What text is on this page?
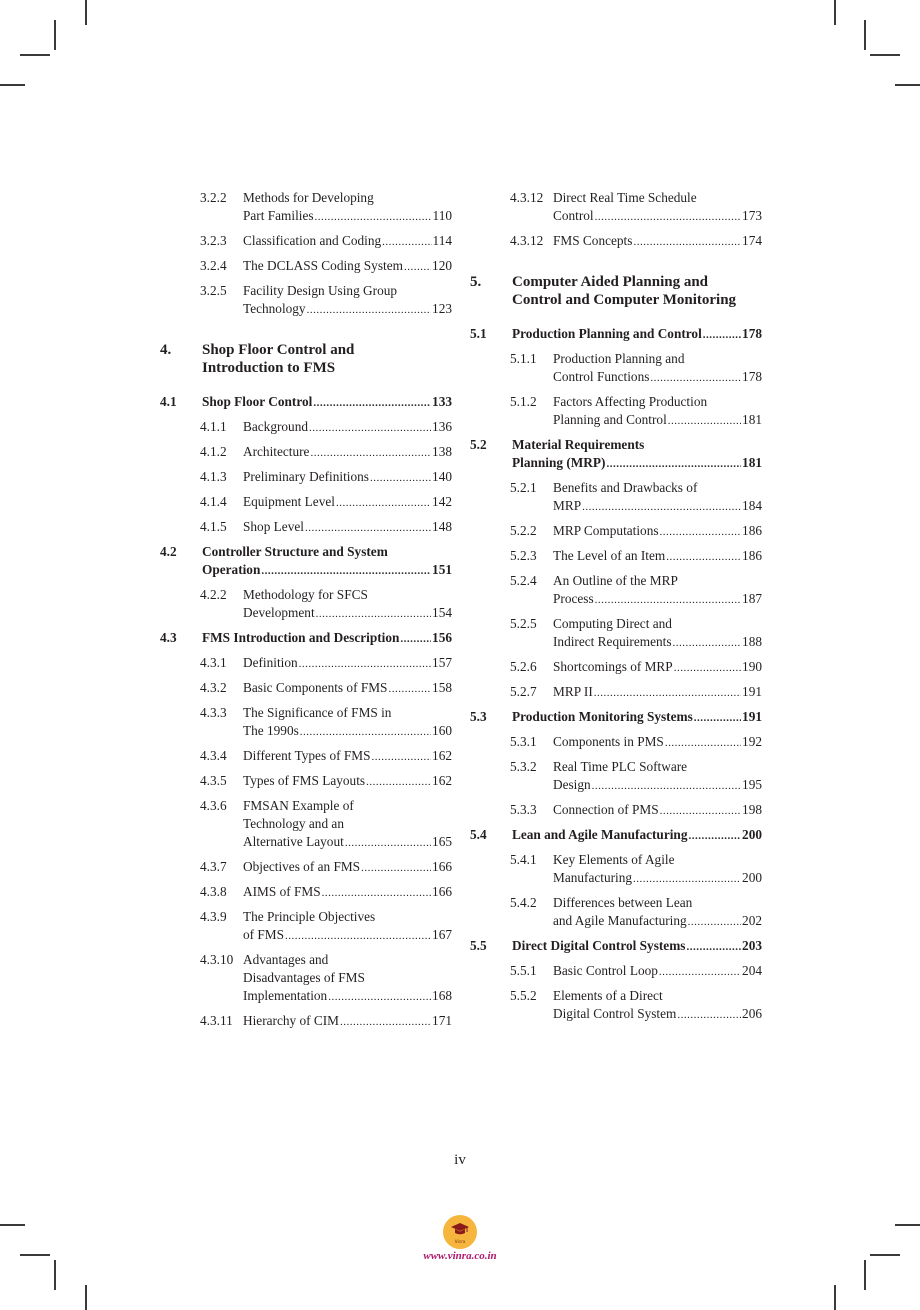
3.2.2 Methods for Developing
Part Families .....	110
3.2.3 Classification and Coding .....	114
3.2.4 The DCLASS Coding System ..... 120
3.2.5 Facility Design Using Group
Technology .....	123
4. Shop Floor Control and
Introduction to FMS
4.1 Shop Floor Control .....	133
4.1.1 Background .....	136
4.1.2 Architecture .....	138
4.1.3 Preliminary Definitions .....	140
4.1.4 Equipment Level .....	142
4.1.5 Shop Level .....	148
4.2 Controller Structure and System
Operation .....	151
4.2.2 Methodology for SFCS
Development .....	154
4.3 FMS Introduction and Description ..... 156
4.3.1 Definition .....	157
4.3.2 Basic Components of FMS .....	158
4.3.3 The Significance of FMS in
The 1990s .....	160
4.3.4 Different Types of FMS .....	162
4.3.5 Types of FMS Layouts .....	162
4.3.6 FMSAN Example of
Technology and an
Alternative Layout .....	165
4.3.7 Objectives of an FMS .....	166
4.3.8 AIMS of FMS .....	166
4.3.9 The Principle Objectives
of FMS .....	167
4.3.10 Advantages and
Disadvantages of FMS
Implementation .....	168
4.3.11 Hierarchy of CIM .....	171
4.3.12 Direct Real Time Schedule
Control .....	173
4.3.12 FMS Concepts .....	174
5. Computer Aided Planning and
Control and Computer Monitoring
5.1 Production Planning and Control .....	178
5.1.1 Production Planning and
Control Functions .....	178
5.1.2 Factors Affecting Production
Planning and Control .....	181
5.2 Material Requirements
Planning (MRP) .....	181
5.2.1 Benefits and Drawbacks of
MRP .....	184
5.2.2 MRP Computations .....	186
5.2.3 The Level of an Item .....	186
5.2.4 An Outline of the MRP
Process .....	187
5.2.5 Computing Direct and
Indirect Requirements .....	188
5.2.6 Shortcomings of MRP .....	190
5.2.7 MRP II .....	191
5.3 Production Monitoring Systems .....	191
5.3.1 Components in PMS .....	192
5.3.2 Real Time PLC Software
Design .....	195
5.3.3 Connection of PMS .....	198
5.4 Lean and Agile Manufacturing .....	200
5.4.1 Key Elements of Agile
Manufacturing .....	200
5.4.2 Differences between Lean
and Agile Manufacturing .....	202
5.5 Direct Digital Control Systems .....	203
5.5.1 Basic Control Loop .....	204
5.5.2 Elements of a Direct
Digital Control System .....	206
iv
Vinra
www.vinra.co.in
